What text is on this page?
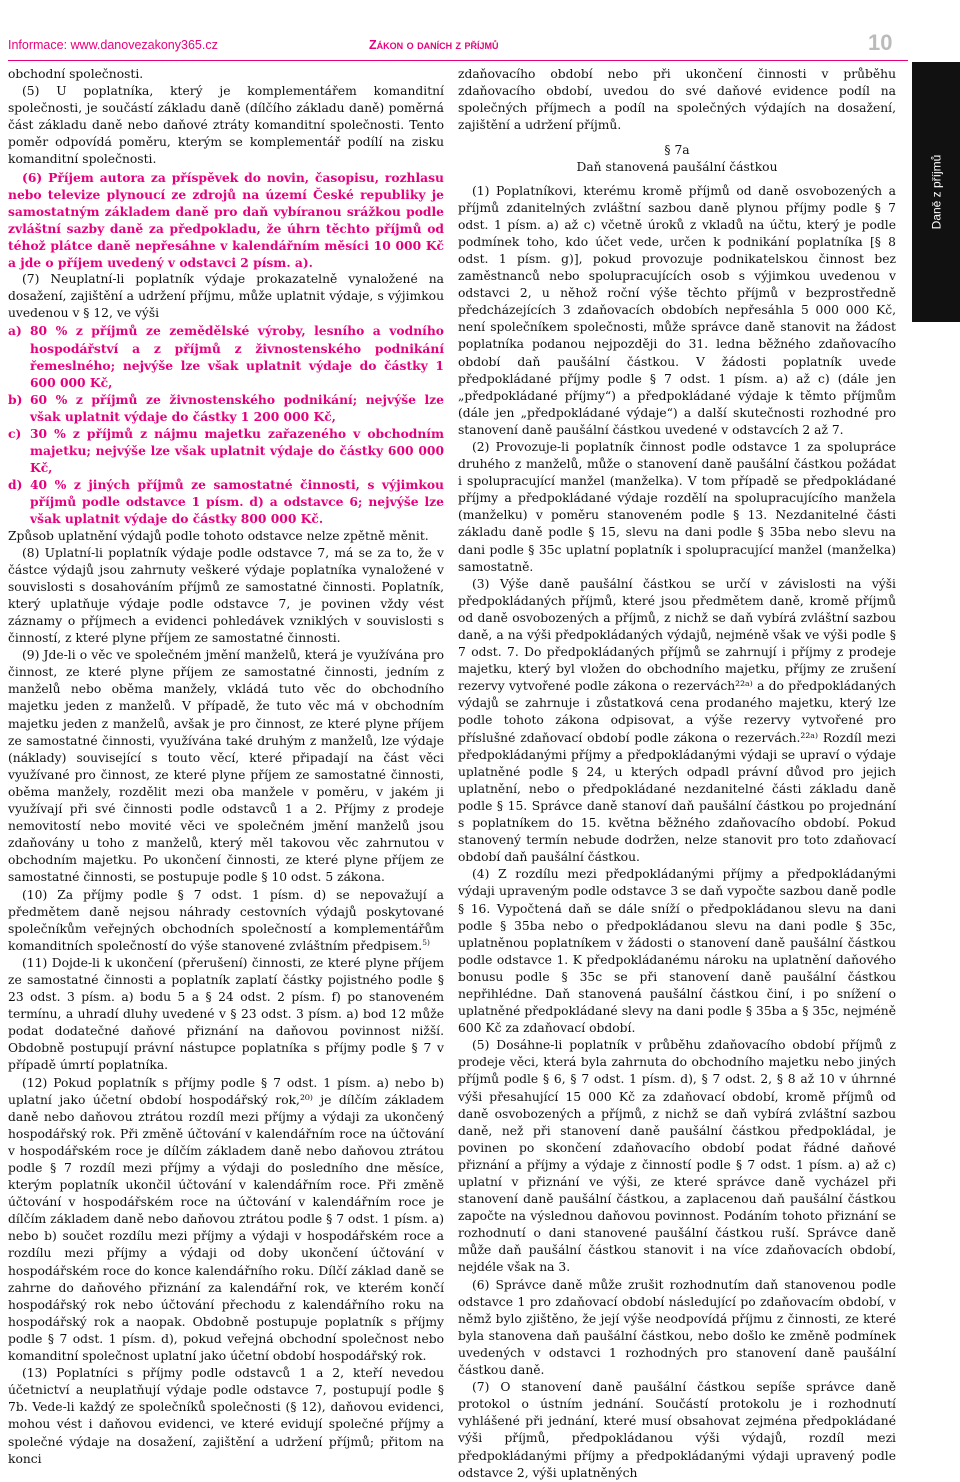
Informace: www.danovezakony365.cz	Zákon o daních z příjmů	10
Daně z příjmů

obchodní společnosti.

(5) U poplatníka, který je komplementářem komanditní společnosti, je součástí základu daně (dílčího základu daně) poměrná část základu daně nebo daňové ztráty komanditní společnosti. Tento poměr odpovídá poměru, kterým se komplementář podílí na zisku komanditní společnosti.

(6) Příjem autora za příspěvek do novin, časopisu, rozhlasu nebo televize plynoucí ze zdrojů na území České republiky je samostatným základem daně pro daň vybíranou srážkou podle zvláštní sazby daně za předpokladu, že úhrn těchto příjmů od téhož plátce daně nepřesáhne v kalendářním měsíci 10 000 Kč a jde o příjem uvedený v odstavci 2 písm. a).

(7) Neuplatní-li poplatník výdaje prokazatelně vynaložené na dosažení, zajištění a udržení příjmu, může uplatnit výdaje, s výjimkou uvedenou v § 12, ve výši

a) 80 % z příjmů ze zemědělské výroby, lesního a vodního hospodářství a z příjmů z živnostenského podnikání řemeslného; nejvýše lze však uplatnit výdaje do částky 1 600 000 Kč,
b) 60 % z příjmů ze živnostenského podnikání; nejvýše lze však uplatnit výdaje do částky 1 200 000 Kč,
c) 30 % z příjmů z nájmu majetku zařazeného v obchodním majetku; nejvýše lze však uplatnit výdaje do částky 600 000 Kč,
d) 40 % z jiných příjmů ze samostatné činnosti, s výjimkou příjmů podle odstavce 1 písm. d) a odstavce 6; nejvýše lze však uplatnit výdaje do částky 800 000 Kč.

Způsob uplatnění výdajů podle tohoto odstavce nelze zpětně měnit.

(8) Uplatní-li poplatník výdaje podle odstavce 7, má se za to, že v částce výdajů jsou zahrnuty veškeré výdaje poplatníka vynaložené v souvislosti s dosahováním příjmů ze samostatné činnosti. Poplatník, který uplatňuje výdaje podle odstavce 7, je povinen vždy vést záznamy o příjmech a evidenci pohledávek vzniklých v souvislosti s činností, z které plyne příjem ze samostatné činnosti.

(9) Jde-li o věc ve společném jmění manželů, která je využívána pro činnost, ze které plyne příjem ze samostatné činnosti, jedním z manželů nebo oběma manžely, vkládá tuto věc do obchodního majetku jeden z manželů. V případě, že tuto věc má v obchodním majetku jeden z manželů, avšak je pro činnost, ze které plyne příjem ze samostatné činnosti, využívána také druhým z manželů, lze výdaje (náklady) související s touto věcí, které připadají na část věci využívané pro činnost, ze které plyne příjem ze samostatné činnosti, oběma manžely, rozdělit mezi oba manžele v poměru, v jakém ji využívají při své činnosti podle odstavců 1 a 2. Příjmy z prodeje nemovitostí nebo movité věci ve společném jmění manželů jsou zdaňovány u toho z manželů, který měl takovou věc zahrnutou v obchodním majetku. Po ukončení činnosti, ze které plyne příjem ze samostatné činnosti, se postupuje podle § 10 odst. 5 zákona.

(10) Za příjmy podle § 7 odst. 1 písm. d) se nepovažují a předmětem daně nejsou náhrady cestovních výdajů poskytované společníkům veřejných obchodních společností a komplementářům komanditních společností do výše stanovené zvláštním předpisem.$^{5)}$

(11) Dojde-li k ukončení (přerušení) činnosti, ze které plyne příjem ze samostatné činnosti a poplatník zaplatí částky pojistného podle § 23 odst. 3 písm. a) bodu 5 a § 24 odst. 2 písm. f) po stanoveném termínu, a uhradí dluhy uvedené v § 23 odst. 3 písm. a) bod 12 může podat dodatečné daňové přiznání na daňovou povinnost nižší. Obdobně postupují právní nástupce poplatníka s příjmy podle § 7 v případě úmrtí poplatníka.

(12) Pokud poplatník s příjmy podle § 7 odst. 1 písm. a) nebo b) uplatní jako účetní období hospodářský rok,²⁰⁾ je dílčím základem daně nebo daňovou ztrátou rozdíl mezi příjmy a výdaji za ukončený hospodářský rok. Při změně účtování v kalendářním roce na účtování v hospodářském roce je dílčím základem daně nebo daňovou ztrátou podle § 7 rozdíl mezi příjmy a výdaji do posledního dne měsíce, kterým poplatník ukončil účtování v kalendářním roce. Při změně účtování v hospodářském roce na účtování v kalendářním roce je dílčím základem daně nebo daňovou ztrátou podle § 7 odst. 1 písm. a) nebo b) součet rozdílu mezi příjmy a výdaji v hospodářském roce a rozdílu mezi příjmy a výdaji od doby ukončení účtování v hospodářském roce do konce kalendářního roku. Dílčí základ daně se zahrne do daňového přiznání za kalendářní rok, ve kterém končí hospodářský rok nebo účtování přechodu z kalendářního roku na hospodářský rok a naopak. Obdobně postupuje poplatník s příjmy podle § 7 odst. 1 písm. d), pokud veřejná obchodní společnost nebo komanditní společnost uplatní jako účetní období hospodářský rok.

(13) Poplatníci s příjmy podle odstavců 1 a 2, kteří nevedou účetnictví a neuplatňují výdaje podle odstavce 7, postupují podle § 7b. Vede-li každý ze společníků společnosti (§ 12), daňovou evidenci, mohou vést i daňovou evidenci, ve které evidují společné příjmy a společné výdaje na dosažení, zajištění a udržení příjmů; přitom na konci

zdaňovacího období nebo při ukončení činnosti v průběhu zdaňovacího období, uvedou do své daňové evidence podíl na společných příjmech a podíl na společných výdajích na dosažení, zajištění a udržení příjmů.

§ 7a

Daň stanovená paušální částkou

(1) Poplatníkovi, kterému kromě příjmů od daně osvobozených a příjmů zdanitelných zvláštní sazbou daně plynou příjmy podle § 7 odst. 1 písm. a) až c) včetně úroků z vkladů na účtu, který je podle podmínek toho, kdo účet vede, určen k podnikání poplatníka [§ 8 odst. 1 písm. g)], pokud provozuje podnikatelskou činnost bez zaměstnanců nebo spolupracujících osob s výjimkou uvedenou v odstavci 2, u něhož roční výše těchto příjmů v bezprostředně předcházejících 3 zdaňovacích obdobích nepřesáhla 5 000 000 Kč, není společníkem společnosti, může správce daně stanovit na žádost poplatníka podanou nejpozději do 31. ledna běžného zdaňovacího období daň paušální částkou. V žádosti poplatník uvede předpokládané příjmy podle § 7 odst. 1 písm. a) až c) (dále jen „předpokládané příjmy“) a předpokládané výdaje k těmto příjmům (dále jen „předpokládané výdaje“) a další skutečnosti rozhodné pro stanovení daně paušální částkou uvedené v odstavcích 2 až 7.

(2) Provozuje-li poplatník činnost podle odstavce 1 za spolupráce druhého z manželů, může o stanovení daně paušální částkou požádat i spolupracující manžel (manželka). V tom případě se předpokládané příjmy a předpokládané výdaje rozdělí na spolupracujícího manžela (manželku) v poměru stanoveném podle § 13. Nezdanitelné části základu daně podle § 15, slevu na dani podle § 35ba nebo slevu na dani podle § 35c uplatní poplatník i spolupracující manžel (manželka) samostatně.

(3) Výše daně paušální částkou se určí v závislosti na výši předpokládaných příjmů, které jsou předmětem daně, kromě příjmů od daně osvobozených a příjmů, z nichž se daň vybírá zvláštní sazbou daně, a na výši předpokládaných výdajů, nejméně však ve výši podle § 7 odst. 7. Do předpokládaných příjmů se zahrnují i příjmy z prodeje majetku, který byl vložen do obchodního majetku, příjmy ze zrušení rezervy vytvořené podle zákona o rezervách²²ᵃ⁾ a do předpokládaných výdajů se zahrnuje i zůstatková cena prodaného majetku, který lze podle tohoto zákona odpisovat, a výše rezervy vytvořené pro příslušné zdaňovací období podle zákona o rezervách.²²ᵃ⁾ Rozdíl mezi předpokládanými příjmy a předpokládanými výdaji se upraví o výdaje uplatněné podle § 24, u kterých odpadl právní důvod pro jejich uplatnění, nebo o předpokládané nezdanitelné části základu daně podle § 15. Správce daně stanoví daň paušální částkou po projednání s poplatníkem do 15. května běžného zdaňovacího období. Pokud stanovený termín nebude dodržen, nelze stanovit pro toto zdaňovací období daň paušální částkou.

(4) Z rozdílu mezi předpokládanými příjmy a předpokládanými výdaji upraveným podle odstavce 3 se daň vypočte sazbou daně podle § 16. Vypočtená daň se dále sníží o předpokládanou slevu na dani podle § 35ba nebo o předpokládanou slevu na dani podle § 35c, uplatněnou poplatníkem v žádosti o stanovení daně paušální částkou podle odstavce 1. K předpokládanému nároku na uplatnění daňového bonusu podle § 35c se při stanovení daně paušální částkou nepřihlédne. Daň stanovená paušální částkou činí, i po snížení o uplatněné předpokládané slevy na dani podle § 35ba a § 35c, nejméně 600 Kč za zdaňovací období.

(5) Dosáhne-li poplatník v průběhu zdaňovacího období příjmů z prodeje věci, která byla zahrnuta do obchodního majetku nebo jiných příjmů podle § 6, § 7 odst. 1 písm. d), § 7 odst. 2, § 8 až 10 v úhrnné výši přesahující 15 000 Kč za zdaňovací období, kromě příjmů od daně osvobozených a příjmů, z nichž se daň vybírá zvláštní sazbou daně, než při stanovení daně paušální částkou předpokládal, je povinen po skončení zdaňovacího období podat řádné daňové přiznání a příjmy a výdaje z činností podle § 7 odst. 1 písm. a) až c) uplatní v přiznání ve výši, ze které správce daně vycházel při stanovení daně paušální částkou, a zaplacenou daň paušální částkou započte na výslednou daňovou povinnost. Podáním tohoto přiznání se rozhodnutí o dani stanovené paušální částkou ruší. Správce daně může daň paušální částkou stanovit i na více zdaňovacích období, nejdéle však na 3.

(6) Správce daně může zrušit rozhodnutím daň stanovenou podle odstavce 1 pro zdaňovací období následující po zdaňovacím období, v němž bylo zjištěno, že její výše neodpovídá příjmu z činnosti, ze které byla stanovena daň paušální částkou, nebo došlo ke změně podmínek uvedených v odstavci 1 rozhodných pro stanovení daně paušální částkou daně.

(7) O stanovení daně paušální částkou sepíše správce daně protokol o ústním jednání. Součástí protokolu je i rozhodnutí vyhlášené při jednání, které musí obsahovat zejména předpokládané výši příjmů, předpokládanou výši výdajů, rozdíl mezi předpokládanými příjmy a předpokládanými výdaji upravený podle odstavce 2, výši uplatněných
